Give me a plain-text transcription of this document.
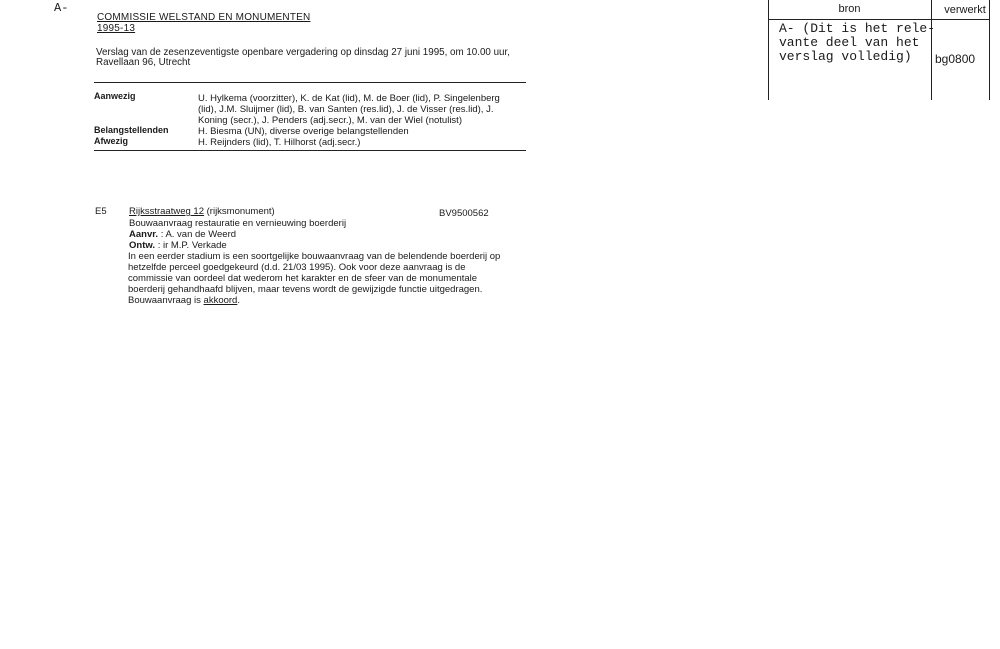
A-
COMMISSIE WELSTAND EN MONUMENTEN
1995-13
Verslag van de zesenzeventigste openbare vergadering op dinsdag 27 juni 1995, om 10.00 uur,
Ravellaan 96, Utrecht
Aanwezig	U. Hylkema (voorzitter), K. de Kat (lid), M. de Boer (lid), P. Singelenberg
(lid), J.M. Sluijmer (lid), B. van Santen (res.lid), J. de Visser (res.lid), J.
Koning (secr.), J. Penders (adj.secr.), M. van der Wiel (notulist)
Belangstellenden	H. Biesma (UN), diverse overige belangstellenden
Afwezig	H. Reijnders (lid), T. Hilhorst (adj.secr.)
E5 Rijksstraatweg 12 (rijksmonument)	BV9500562
Bouwaanvraag restauratie en vernieuwing boerderij
Aanvr. : A. van de Weerd
Ontw. : ir M.P. Verkade
In een eerder stadium is een soortgelijke bouwaanvraag van de belendende boerderij op
hetzelfde perceel goedgekeurd (d.d. 21/03 1995). Ook voor deze aanvraag is de
commissie van oordeel dat wederom het karakter en de sfeer van de monumentale
boerderij gehandhaafd blijven, maar tevens wordt de gewijzigde functie uitgedragen.
Bouwaanvraag is akkoord.
bron	verwerkt
A- (Dit is het rele-
vante deel van het
verslag volledig) bg0800
